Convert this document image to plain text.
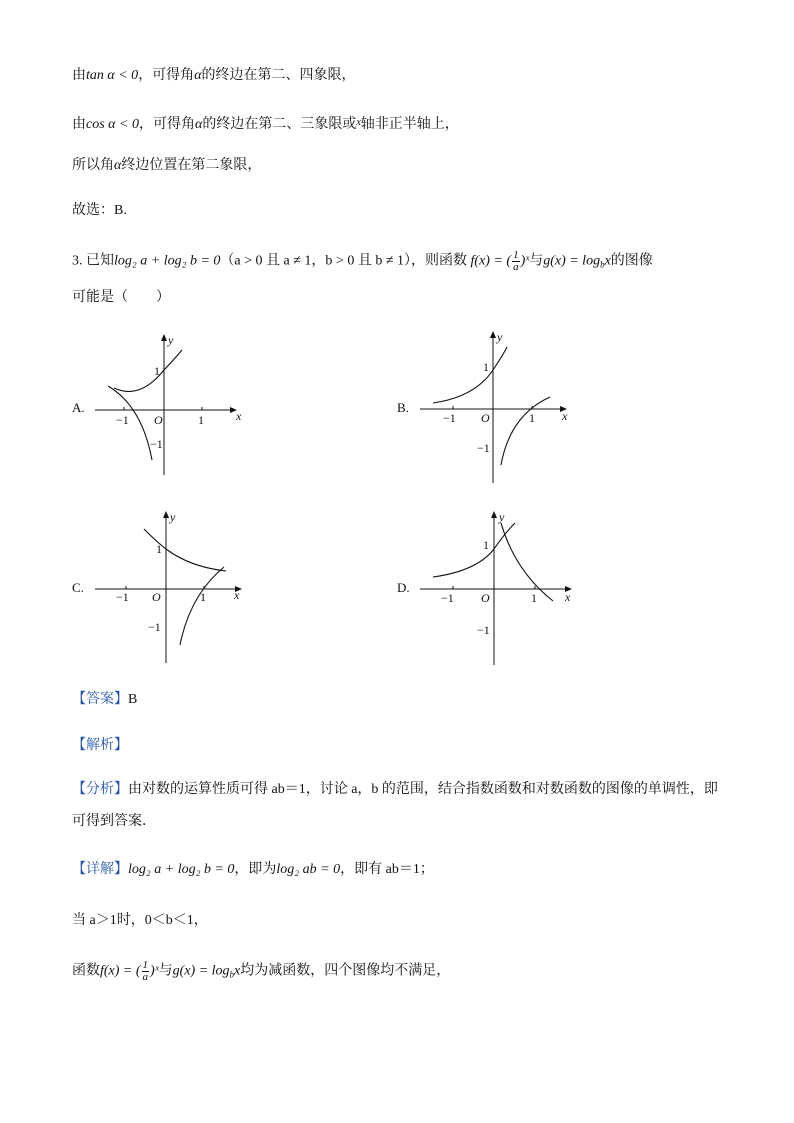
由tan α < 0，可得角α的终边在第二、四象限，
由cos α < 0，可得角α的终边在第二、三象限或$^x$轴非正半轴上，
所以角α终边位置在第二象限，
故选：B.
3. 已知log₂ a + log₂ b = 0（a > 0 且 a ≠ 1，b > 0 且 b ≠ 1），则函数 f(x) = ( $\frac{1}{a}$ )ˣ与$g(x) = \log_bx$的图像
可能是（　　）
A.	B.
C.	D.
y
x
O
1
−1	1
−1
y
x
O
1
−1	1
−1
y
x
O
1
−1	1
−1
y
x
O
1
−1	1
−1
【答案】B
【解析】
【分析】由对数的运算性质可得 ab＝1，讨论 a，b 的范围，结合指数函数和对数函数的图像的单调性，即
可得到答案．
【详解】log₂ a + log₂ b = 0，即为log₂ ab = 0，即有 ab＝1；
当 a＞1时，0＜b＜1，
函数f(x) = ( $\frac{1}{a}$ )ˣ与$g(x) = \log_bx$均为减函数，四个图像均不满足，
